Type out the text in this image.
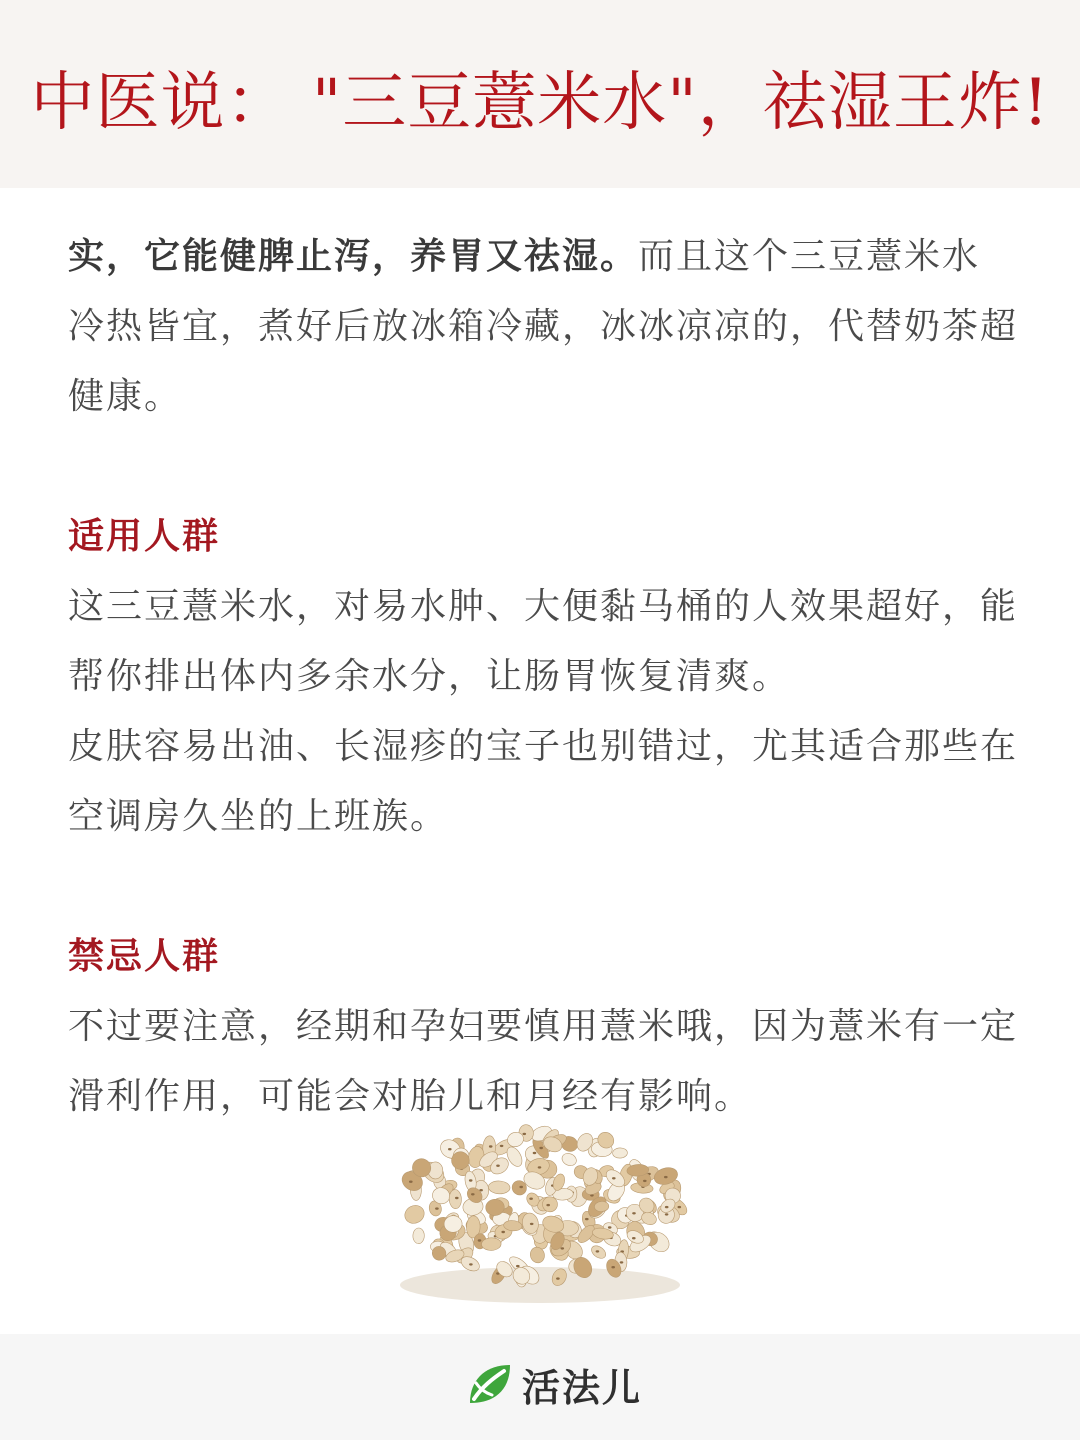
中医说： "三豆薏米水"，祛湿王炸!

实，它能健脾止泻，养胃又祛湿。而且这个三豆薏米水冷热皆宜，煮好后放冰箱冷藏，冰冰凉凉的，代替奶茶超健康。

适用人群

这三豆薏米水，对易水肿、大便黏马桶的人效果超好，能帮你排出体内多余水分，让肠胃恢复清爽。

皮肤容易出油、长湿疹的宝子也别错过，尤其适合那些在空调房久坐的上班族。

禁忌人群

不过要注意，经期和孕妇要慎用薏米哦，因为薏米有一定滑利作用，可能会对胎儿和月经有影响。

活法儿
